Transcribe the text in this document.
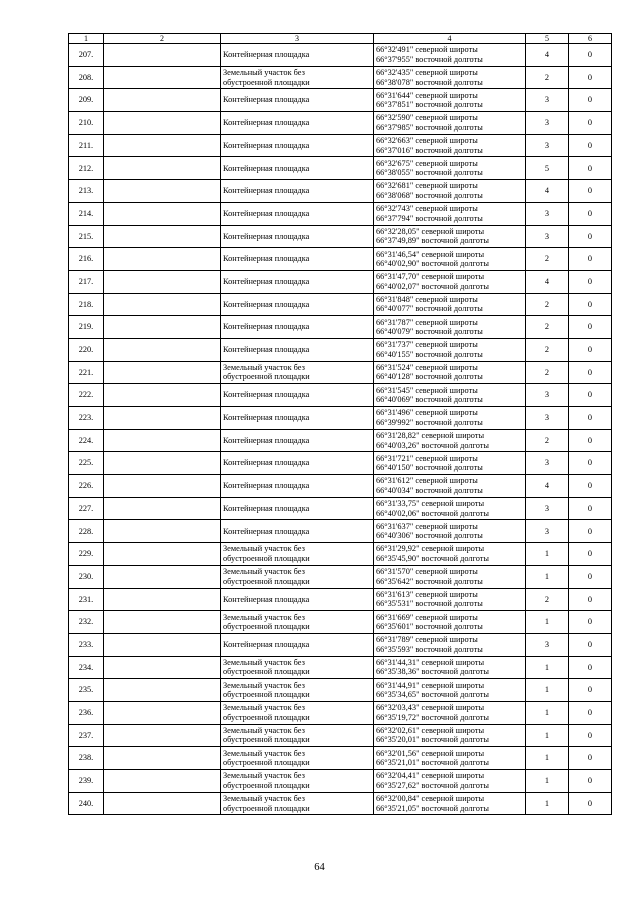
1	2	3	4	5	6
207.		Контейнерная площадка	66°32'491" северной широты
66°37'955" восточной долготы	4	0
208.		Земельный участок без
обустроенной площадки	66°32'435" северной широты
66°38'078" восточной долготы	2	0
209.		Контейнерная площадка	66°31'644" северной широты
66°37'851" восточной долготы	3	0
210.		Контейнерная площадка	66°32'590" северной широты
66°37'985" восточной долготы	3	0
211.		Контейнерная площадка	66°32'663" северной широты
66°37'016" восточной долготы	3	0
212.		Контейнерная площадка	66°32'675" северной широты
66°38'055" восточной долготы	5	0
213.		Контейнерная площадка	66°32'681" северной широты
66°38'068" восточной долготы	4	0
214.		Контейнерная площадка	66°32'743" северной широты
66°37'794" восточной долготы	3	0
215.		Контейнерная площадка	66°32'28,05" северной широты
66°37'49,89" восточной долготы	3	0
216.		Контейнерная площадка	66°31'46,54" северной широты
66°40'02,90" восточной долготы	2	0
217.		Контейнерная площадка	66°31'47,70" северной широты
66°40'02,07" восточной долготы	4	0
218.		Контейнерная площадка	66°31'848" северной широты
66°40'077" восточной долготы	2	0
219.		Контейнерная площадка	66°31'787" северной широты
66°40'079" восточной долготы	2	0
220.		Контейнерная площадка	66°31'737" северной широты
66°40'155" восточной долготы	2	0
221.		Земельный участок без
обустроенной площадки	66°31'524" северной широты
66°40'128" восточной долготы	2	0
222.		Контейнерная площадка	66°31'545" северной широты
66°40'069" восточной долготы	3	0
223.		Контейнерная площадка	66°31'496" северной широты
66°39'992" восточной долготы	3	0
224.		Контейнерная площадка	66°31'28,82" северной широты
66°40'03,26" восточной долготы	2	0
225.		Контейнерная площадка	66°31'721" северной широты
66°40'150" восточной долготы	3	0
226.		Контейнерная площадка	66°31'612" северной широты
66°40'034" восточной долготы	4	0
227.		Контейнерная площадка	66°31'33,75" северной широты
66°40'02,06" восточной долготы	3	0
228.		Контейнерная площадка	66°31'637" северной широты
66°40'306" восточной долготы	3	0
229.		Земельный участок без
обустроенной площадки	66°31'29,92" северной широты
66°35'45,90" восточной долготы	1	0
230.		Земельный участок без
обустроенной площадки	66°31'570" северной широты
66°35'642" восточной долготы	1	0
231.		Контейнерная площадка	66°31'613" северной широты
66°35'531" восточной долготы	2	0
232.		Земельный участок без
обустроенной площадки	66°31'669" северной широты
66°35'601" восточной долготы	1	0
233.		Контейнерная площадка	66°31'789" северной широты
66°35'593" восточной долготы	3	0
234.		Земельный участок без
обустроенной площадки	66°31'44,31" северной широты
66°35'38,36" восточной долготы	1	0
235.		Земельный участок без
обустроенной площадки	66°31'44,91" северной широты
66°35'34,65" восточной долготы	1	0
236.		Земельный участок без
обустроенной площадки	66°32'03,43" северной широты
66°35'19,72" восточной долготы	1	0
237.		Земельный участок без
обустроенной площадки	66°32'02,61" северной широты
66°35'20,01" восточной долготы	1	0
238.		Земельный участок без
обустроенной площадки	66°32'01,56" северной широты
66°35'21,01" восточной долготы	1	0
239.		Земельный участок без
обустроенной площадки	66°32'04,41" северной широты
66°35'27,62" восточной долготы	1	0
240.		Земельный участок без
обустроенной площадки	66°32'00,84" северной широты
66°35'21,05" восточной долготы	1	0
64
